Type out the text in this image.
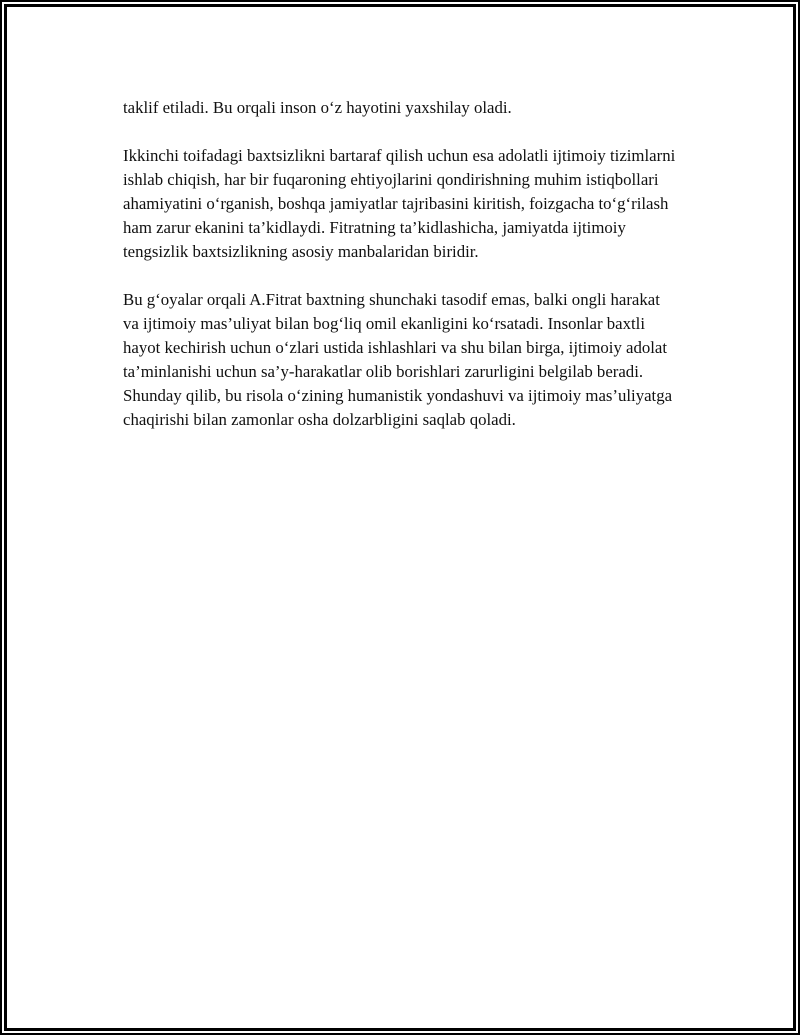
taklif etiladi. Bu orqali inson o‘z hayotini yaxshilay oladi.

Ikkinchi toifadagi baxtsizlikni bartaraf qilish uchun esa adolatli ijtimoiy tizimlarni ishlab chiqish, har bir fuqaroning ehtiyojlarini qondirishning muhim istiqbollari ahamiyatini o‘rganish, boshqa jamiyatlar tajribasini kiritish, foizgacha to‘g‘rilash ham zarur ekanini ta’kidlaydi. Fitratning ta’kidlashicha, jamiyatda ijtimoiy tengsizlik baxtsizlikning asosiy manbalaridan biridir.

Bu g‘oyalar orqali A.Fitrat baxtning shunchaki tasodif emas, balki ongli harakat va ijtimoiy mas’uliyat bilan bog‘liq omil ekanligini ko‘rsatadi. Insonlar baxtli hayot kechirish uchun o‘zlari ustida ishlashlari va shu bilan birga, ijtimoiy adolat ta’minlanishi uchun sa’y-harakatlar olib borishlari zarurligini belgilab beradi. Shunday qilib, bu risola o‘zining humanistik yondashuvi va ijtimoiy mas’uliyatga chaqirishi bilan zamonlar osha dolzarbligini saqlab qoladi.
